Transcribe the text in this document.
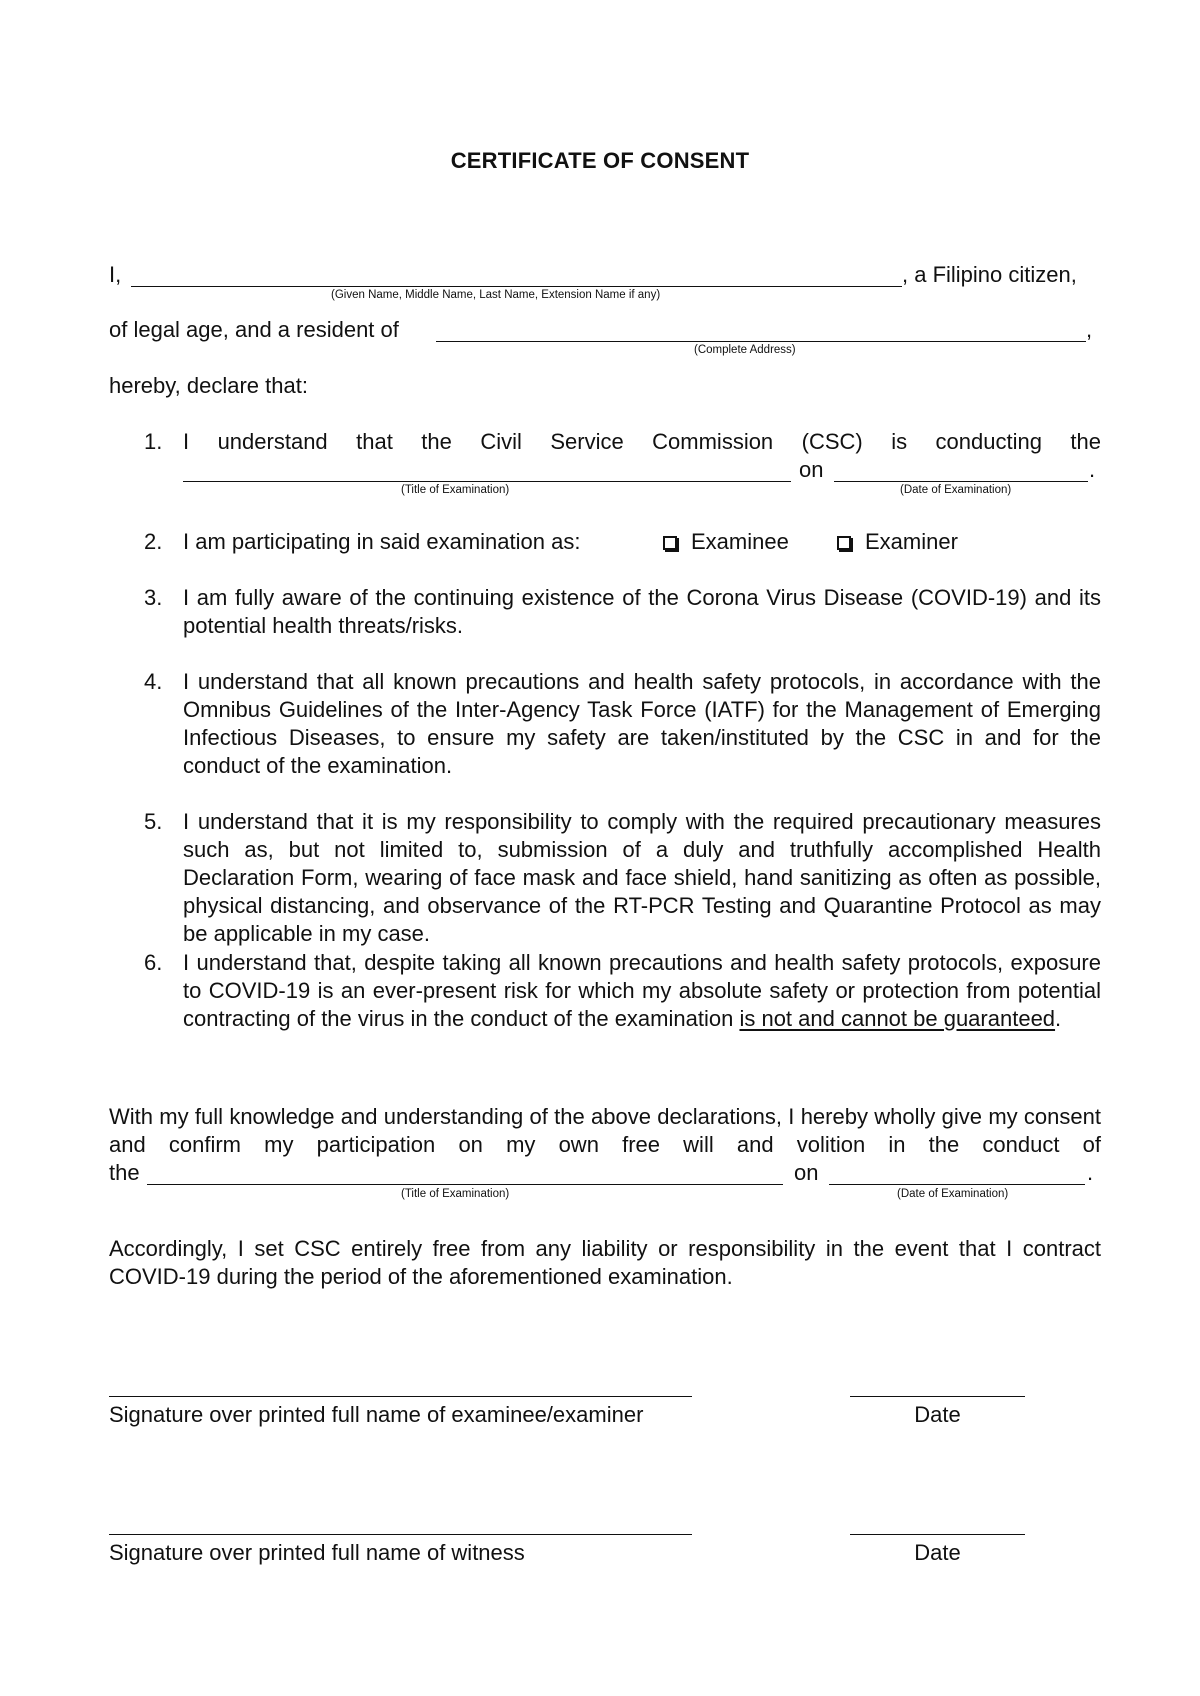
CERTIFICATE OF CONSENT
I,	, a Filipino citizen,
(Given Name, Middle Name, Last Name, Extension Name if any)
of legal age, and a resident of	,
(Complete Address)
hereby, declare that:
1. I understand that the Civil Service Commission (CSC) is conducting the
on	.
(Title of Examination)	(Date of Examination)
2. I am participating in said examination as:	Examinee	Examiner
3. I am fully aware of the continuing existence of the Corona Virus Disease (COVID-19) and its potential health threats/risks.
4. I understand that all known precautions and health safety protocols, in accordance with the Omnibus Guidelines of the Inter-Agency Task Force (IATF) for the Management of Emerging Infectious Diseases, to ensure my safety are taken/instituted by the CSC in and for the conduct of the examination.
5. I understand that it is my responsibility to comply with the required precautionary measures such as, but not limited to, submission of a duly and truthfully accomplished Health Declaration Form, wearing of face mask and face shield, hand sanitizing as often as possible, physical distancing, and observance of the RT-PCR Testing and Quarantine Protocol as may be applicable in my case.
6. I understand that, despite taking all known precautions and health safety protocols, exposure to COVID-19 is an ever-present risk for which my absolute safety or protection from potential contracting of the virus in the conduct of the examination is not and cannot be guaranteed.
With my full knowledge and understanding of the above declarations, I hereby wholly give my consent and confirm my participation on my own free will and volition in the conduct of
the	on	.
(Title of Examination)	(Date of Examination)
Accordingly, I set CSC entirely free from any liability or responsibility in the event that I contract COVID-19 during the period of the aforementioned examination.
Signature over printed full name of examinee/examiner	Date
Signature over printed full name of witness	Date
